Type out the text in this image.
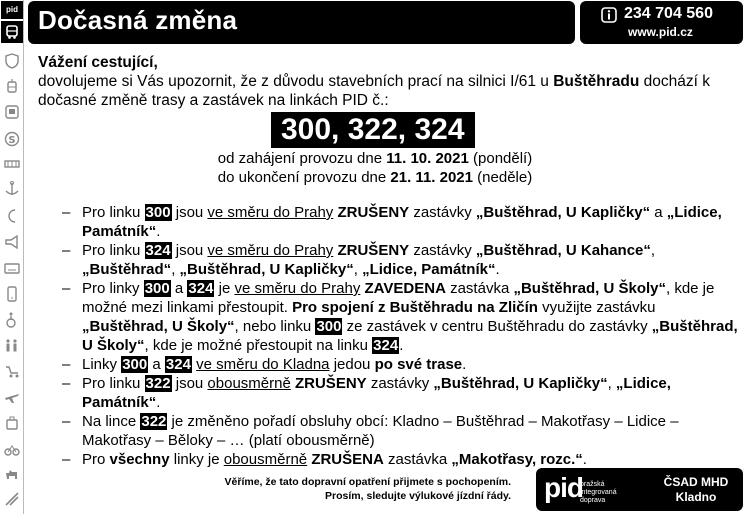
pid
S
Dočasná změna	234 704 560
www.pid.cz
Vážení cestující,
dovolujeme si Vás upozornit, že z důvodu stavebních prací na silnici I/61 u Buštěhradu dochází k dočasné změně trasy a zastávek na linkách PID č.:
300, 322, 324
od zahájení provozu dne 11. 10. 2021 (pondělí)
do ukončení provozu dne 21. 11. 2021 (neděle)
– Pro linku 300 jsou ve směru do Prahy ZRUŠENY zastávky „Buštěhrad, U Kapličky“ a „Lidice, Památník“.
– Pro linku 324 jsou ve směru do Prahy ZRUŠENY zastávky „Buštěhrad, U Kahance“, „Buštěhrad“, „Buštěhrad, U Kapličky“, „Lidice, Památník“.
– Pro linky 300 a 324 je ve směru do Prahy ZAVEDENA zastávka „Buštěhrad, U Školy“, kde je možné mezi linkami přestoupit. Pro spojení z Buštěhradu na Zličín využijte zastávku „Buštěhrad, U Školy“, nebo linku 300 ze zastávek v centru Buštěhradu do zastávky „Buštěhrad, U Školy“, kde je možné přestoupit na linku 324.
– Linky 300 a 324 ve směru do Kladna jedou po své trase.
– Pro linku 322 jsou obousměrně ZRUŠENY zastávky „Buštěhrad, U Kapličky“, „Lidice, Památník“.
– Na lince 322 je změněno pořadí obsluhy obcí: Kladno – Buštěhrad – Makotřasy – Lidice – Makotřasy – Běloky – … (platí obousměrně)
– Pro všechny linky je obousměrně ZRUŠENA zastávka „Makotřasy, rozc.“.
Věříme, že tato dopravní opatření přijmete s pochopením.
Prosím, sledujte výlukové jízdní řády. pid
pražská integrovaná doprava
ČSAD MHD
Kladno
